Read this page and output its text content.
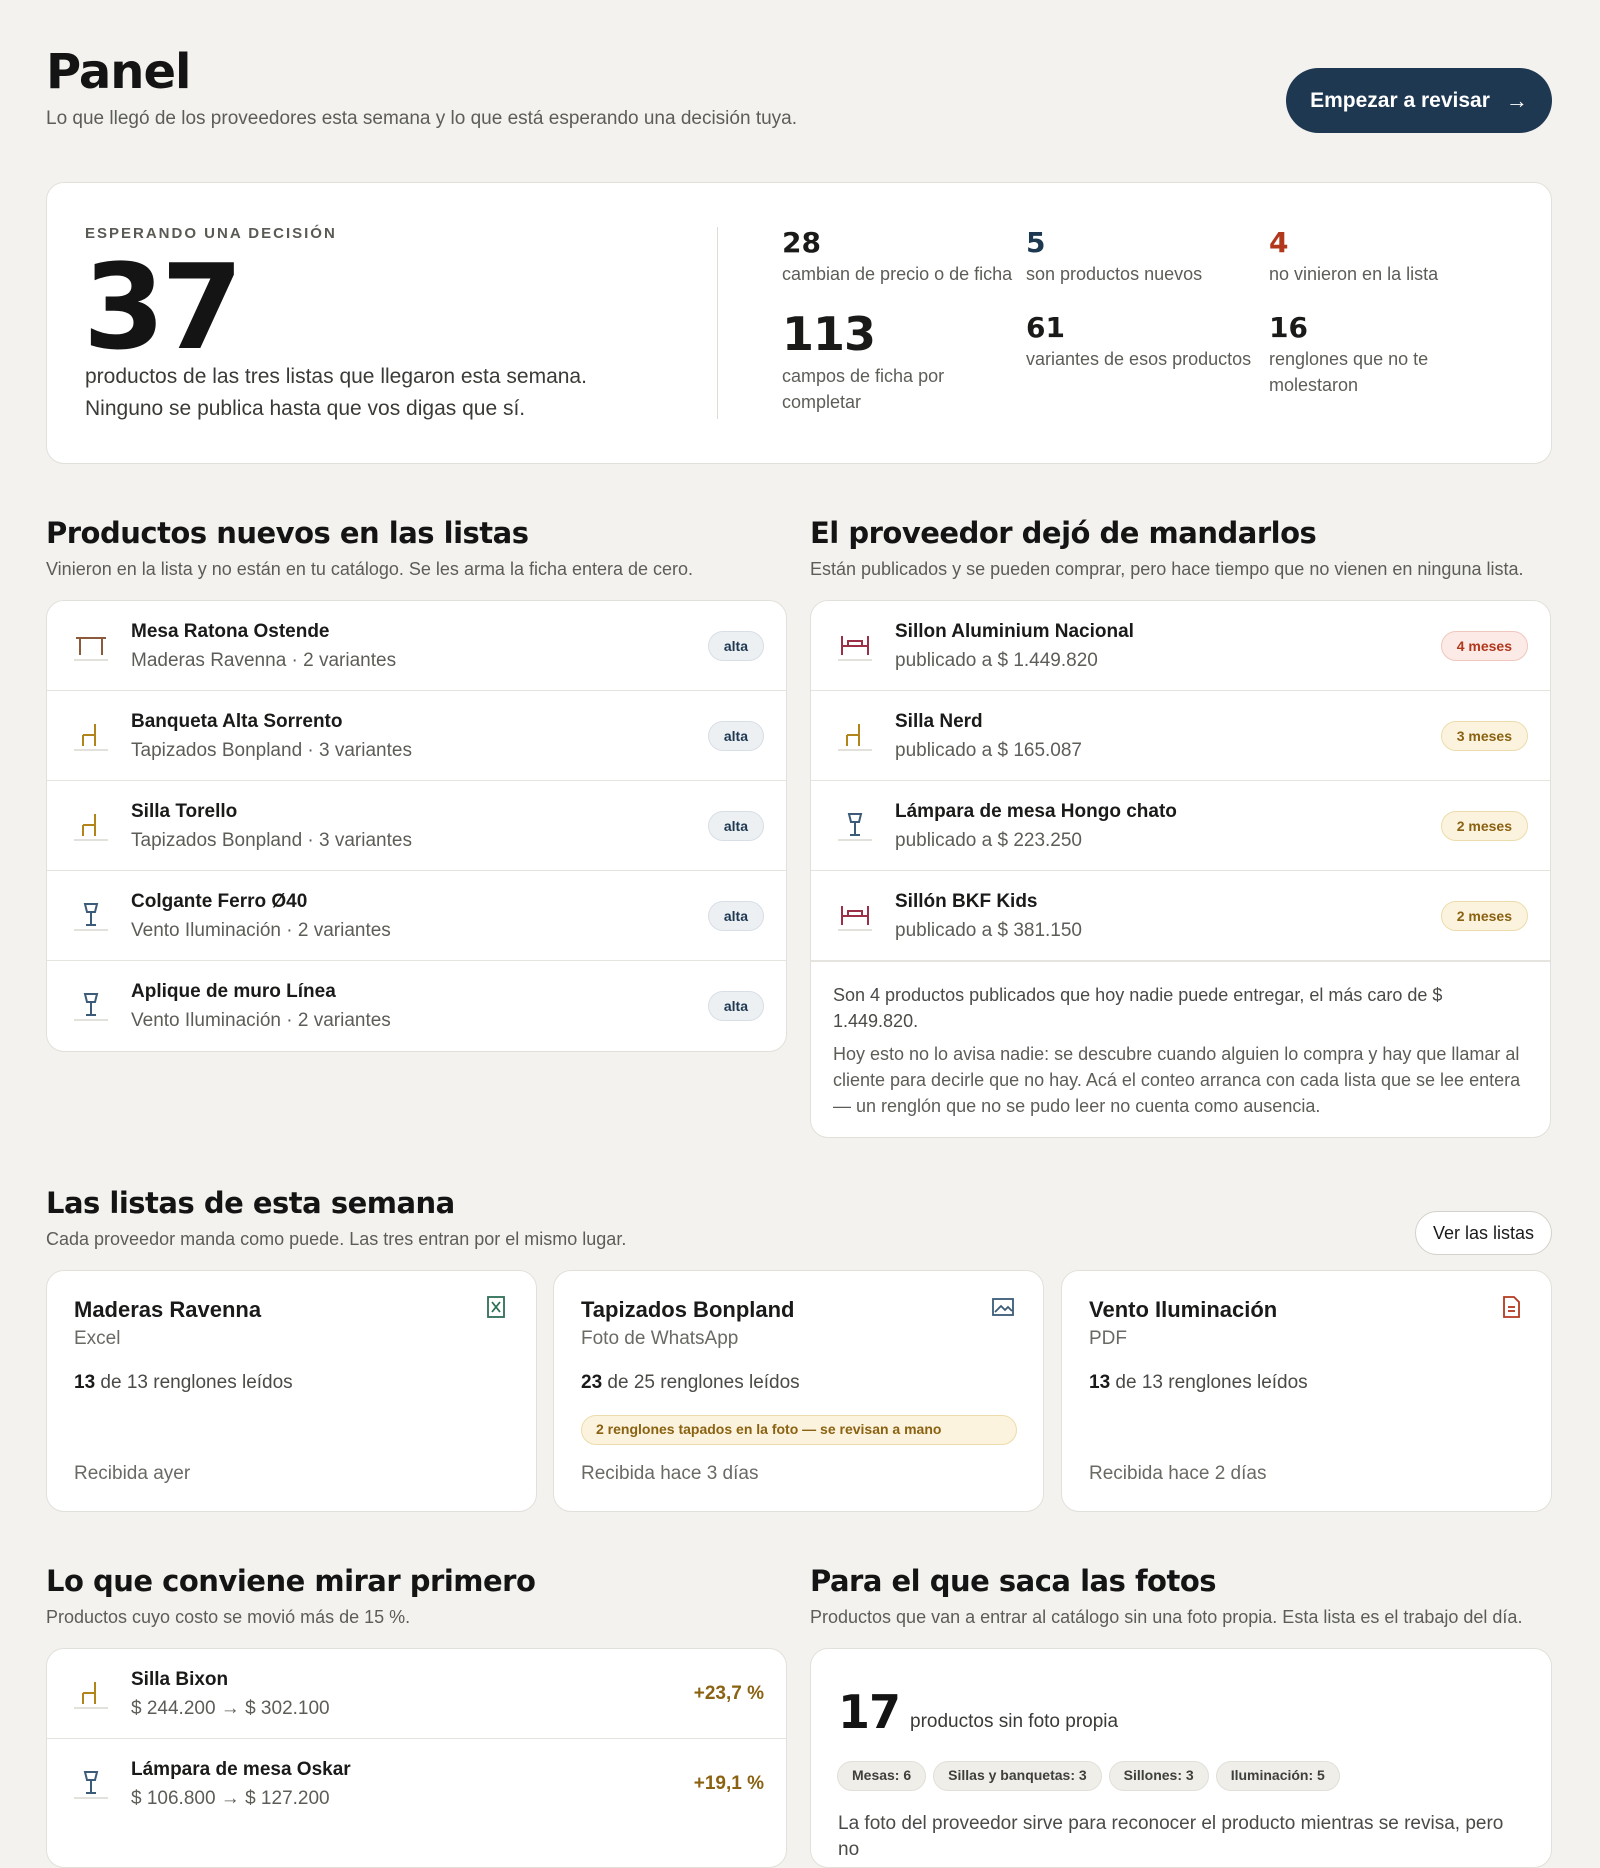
Panel

Lo que llegó de los proveedores esta semana y lo que está esperando una decisión tuya.

Empezar a revisar →
ESPERANDO UNA DECISIÓN
37
productos de las tres listas que llegaron esta semana.
Ninguno se publica hasta que vos digas que sí.
28
cambian de precio o de ficha
5
son productos nuevos
4
no vinieron en la lista
113
campos de ficha por completar
61
variantes de esos productos
16
renglones que no te molestaron
Productos nuevos en las listas

Vinieron en la lista y no están en tu catálogo. Se les arma la ficha entera de cero.

Mesa Ratona Ostende
Maderas Ravenna · 2 variantes
alta
Banqueta Alta Sorrento
Tapizados Bonpland · 3 variantes
alta
Silla Torello
Tapizados Bonpland · 3 variantes
alta
Colgante Ferro Ø40
Vento Iluminación · 2 variantes
alta
Aplique de muro Línea
Vento Iluminación · 2 variantes
alta
El proveedor dejó de mandarlos

Están publicados y se pueden comprar, pero hace tiempo que no vienen en ninguna lista.

Sillon Aluminium Nacional
publicado a $ 1.449.820
4 meses
Silla Nerd
publicado a $ 165.087
3 meses
Lámpara de mesa Hongo chato
publicado a $ 223.250
2 meses
Sillón BKF Kids
publicado a $ 381.150
2 meses

Son 4 productos publicados que hoy nadie puede entregar, el más caro de $ 1.449.820.

Hoy esto no lo avisa nadie: se descubre cuando alguien lo compra y hay que llamar al cliente para decirle que no hay. Acá el conteo arranca con cada lista que se lee entera — un renglón que no se pudo leer no cuenta como ausencia.

Las listas de esta semana

Cada proveedor manda como puede. Las tres entran por el mismo lugar.	Ver las listas
Maderas Ravenna
Excel
13 de 13 renglones leídos
Recibida ayer
Tapizados Bonpland
Foto de WhatsApp
23 de 25 renglones leídos
2 renglones tapados en la foto — se revisan a mano
Recibida hace 3 días
Vento Iluminación
PDF
13 de 13 renglones leídos
Recibida hace 2 días
Lo que conviene mirar primero

Productos cuyo costo se movió más de 15 %.

Silla Bixon
$ 244.200 → $ 302.100
+23,7 %
Lámpara de mesa Oskar
$ 106.800 → $ 127.200
+19,1 %
Para el que saca las fotos

Productos que van a entrar al catálogo sin una foto propia. Esta lista es el trabajo del día.

17 productos sin foto propia
Mesas: 6	Sillas y banquetas: 3	Sillones: 3	Iluminación: 5
La foto del proveedor sirve para reconocer el producto mientras se revisa, pero no
